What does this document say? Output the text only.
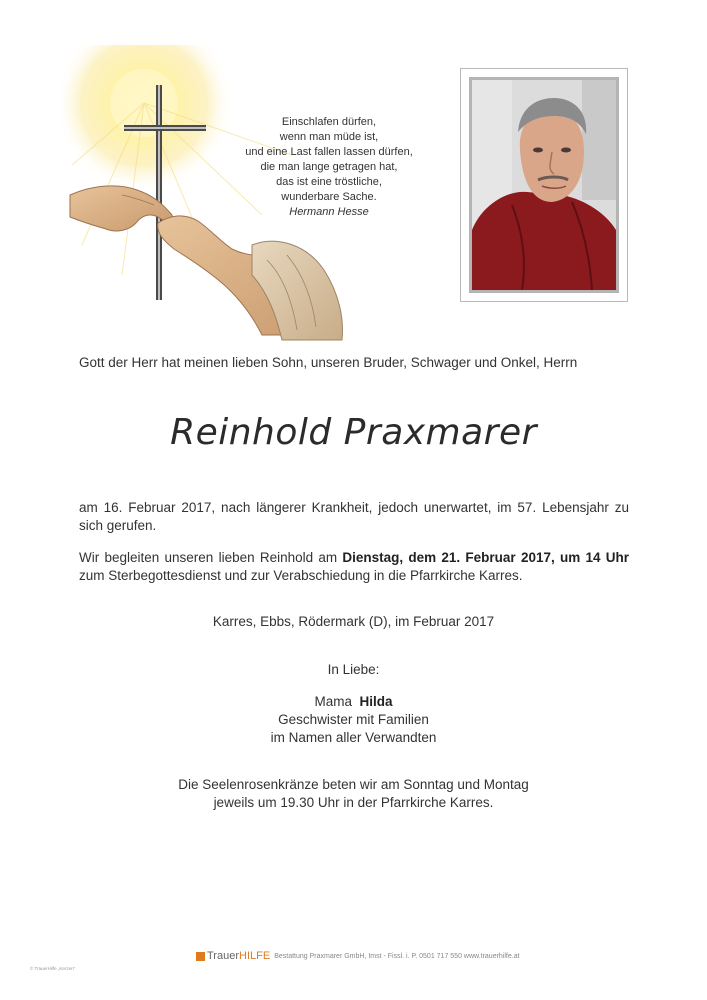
Einschlafen dürfen,
wenn man müde ist,
und eine Last fallen lassen dürfen,
die man lange getragen hat,
das ist eine tröstliche,
wunderbare Sache.
Hermann Hesse
Gott der Herr hat meinen lieben Sohn, unseren Bruder, Schwager und Onkel, Herrn
Reinhold Praxmarer
am 16. Februar 2017, nach längerer Krankheit, jedoch unerwartet, im 57. Lebensjahr zu sich gerufen.
Wir begleiten unseren lieben Reinhold am Dienstag, dem 21. Februar 2017, um 14 Uhr zum Sterbegottesdienst und zur Verabschiedung in die Pfarrkirche Karres.
Karres, Ebbs, Rödermark (D), im Februar 2017
In Liebe:
Mama Hilda
Geschwister mit Familien
im Namen aller Verwandten
Die Seelenrosenkränze beten wir am Sonntag und Montag
jeweils um 19.30 Uhr in der Pfarrkirche Karres.
TrauerHILFE Bestattung Praxmarer GmbH, Imst - Fissl. i. P. 0501 717 550 www.trauerhilfe.at
© TrauerHilfe „Kerzen“
